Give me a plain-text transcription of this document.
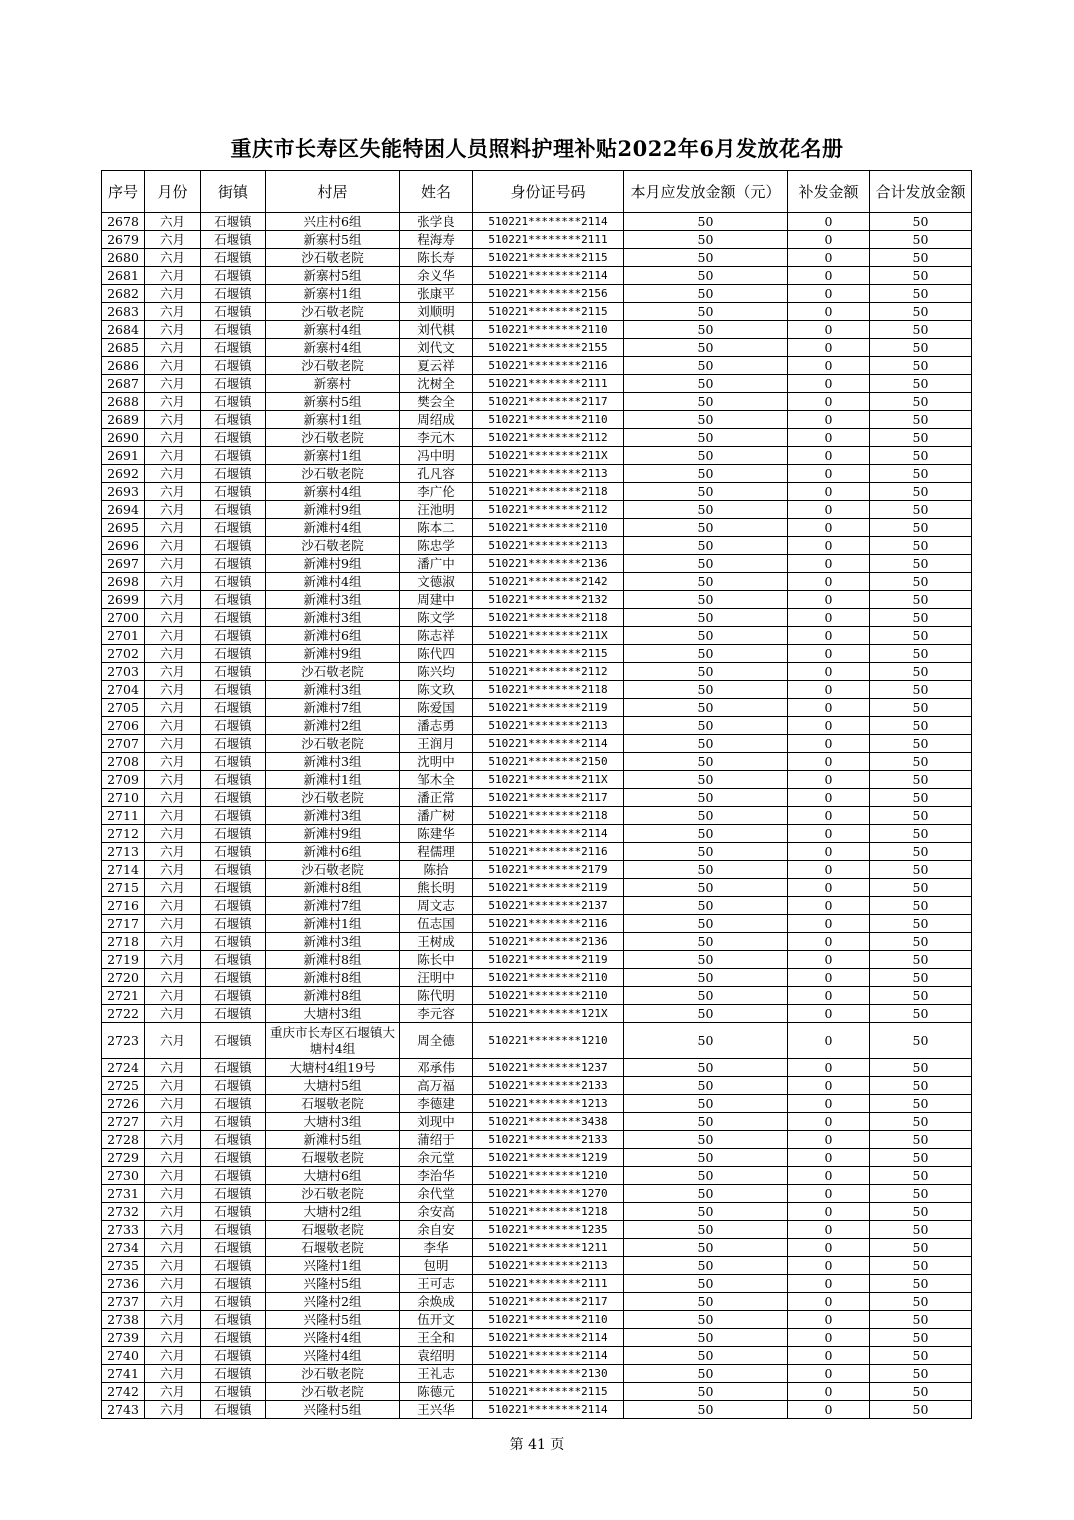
重庆市长寿区失能特困人员照料护理补贴2022年6月发放花名册
序号	月份	街镇	村居	姓名	身份证号码	本月应发放金额（元）	补发金额	合计发放金额
2678	六月	石堰镇	兴庄村6组	张学良	510221********2114	50	0	50
2679	六月	石堰镇	新寨村5组	程海寿	510221********2111	50	0	50
2680	六月	石堰镇	沙石敬老院	陈长寿	510221********2115	50	0	50
2681	六月	石堰镇	新寨村5组	余义华	510221********2114	50	0	50
2682	六月	石堰镇	新寨村1组	张康平	510221********2156	50	0	50
2683	六月	石堰镇	沙石敬老院	刘顺明	510221********2115	50	0	50
2684	六月	石堰镇	新寨村4组	刘代棋	510221********2110	50	0	50
2685	六月	石堰镇	新寨村4组	刘代文	510221********2155	50	0	50
2686	六月	石堰镇	沙石敬老院	夏云祥	510221********2116	50	0	50
2687	六月	石堰镇	新寨村	沈树全	510221********2111	50	0	50
2688	六月	石堰镇	新寨村5组	樊会全	510221********2117	50	0	50
2689	六月	石堰镇	新寨村1组	周绍成	510221********2110	50	0	50
2690	六月	石堰镇	沙石敬老院	李元木	510221********2112	50	0	50
2691	六月	石堰镇	新寨村1组	冯中明	510221********211X	50	0	50
2692	六月	石堰镇	沙石敬老院	孔凡容	510221********2113	50	0	50
2693	六月	石堰镇	新寨村4组	李广伦	510221********2118	50	0	50
2694	六月	石堰镇	新滩村9组	汪池明	510221********2112	50	0	50
2695	六月	石堰镇	新滩村4组	陈本二	510221********2110	50	0	50
2696	六月	石堰镇	沙石敬老院	陈忠学	510221********2113	50	0	50
2697	六月	石堰镇	新滩村9组	潘广中	510221********2136	50	0	50
2698	六月	石堰镇	新滩村4组	文德淑	510221********2142	50	0	50
2699	六月	石堰镇	新滩村3组	周建中	510221********2132	50	0	50
2700	六月	石堰镇	新滩村3组	陈文学	510221********2118	50	0	50
2701	六月	石堰镇	新滩村6组	陈志祥	510221********211X	50	0	50
2702	六月	石堰镇	新滩村9组	陈代四	510221********2115	50	0	50
2703	六月	石堰镇	沙石敬老院	陈兴均	510221********2112	50	0	50
2704	六月	石堰镇	新滩村3组	陈文玖	510221********2118	50	0	50
2705	六月	石堰镇	新滩村7组	陈爱国	510221********2119	50	0	50
2706	六月	石堰镇	新滩村2组	潘志勇	510221********2113	50	0	50
2707	六月	石堰镇	沙石敬老院	王润月	510221********2114	50	0	50
2708	六月	石堰镇	新滩村3组	沈明中	510221********2150	50	0	50
2709	六月	石堰镇	新滩村1组	邹木全	510221********211X	50	0	50
2710	六月	石堰镇	沙石敬老院	潘正常	510221********2117	50	0	50
2711	六月	石堰镇	新滩村3组	潘广树	510221********2118	50	0	50
2712	六月	石堰镇	新滩村9组	陈建华	510221********2114	50	0	50
2713	六月	石堰镇	新滩村6组	程儒理	510221********2116	50	0	50
2714	六月	石堰镇	沙石敬老院	陈拾	510221********2179	50	0	50
2715	六月	石堰镇	新滩村8组	熊长明	510221********2119	50	0	50
2716	六月	石堰镇	新滩村7组	周文志	510221********2137	50	0	50
2717	六月	石堰镇	新滩村1组	伍志国	510221********2116	50	0	50
2718	六月	石堰镇	新滩村3组	王树成	510221********2136	50	0	50
2719	六月	石堰镇	新滩村8组	陈长中	510221********2119	50	0	50
2720	六月	石堰镇	新滩村8组	汪明中	510221********2110	50	0	50
2721	六月	石堰镇	新滩村8组	陈代明	510221********2110	50	0	50
2722	六月	石堰镇	大塘村3组	李元容	510221********121X	50	0	50
2723	六月	石堰镇	重庆市长寿区石堰镇大塘村4组	周全德	510221********1210	50	0	50
2724	六月	石堰镇	大塘村4组19号	邓承伟	510221********1237	50	0	50
2725	六月	石堰镇	大塘村5组	高万福	510221********2133	50	0	50
2726	六月	石堰镇	石堰敬老院	李德建	510221********1213	50	0	50
2727	六月	石堰镇	大塘村3组	刘现中	510221********3438	50	0	50
2728	六月	石堰镇	新滩村5组	蒲绍于	510221********2133	50	0	50
2729	六月	石堰镇	石堰敬老院	余元堂	510221********1219	50	0	50
2730	六月	石堰镇	大塘村6组	李治华	510221********1210	50	0	50
2731	六月	石堰镇	沙石敬老院	余代堂	510221********1270	50	0	50
2732	六月	石堰镇	大塘村2组	余安高	510221********1218	50	0	50
2733	六月	石堰镇	石堰敬老院	余自安	510221********1235	50	0	50
2734	六月	石堰镇	石堰敬老院	李华	510221********1211	50	0	50
2735	六月	石堰镇	兴隆村1组	包明	510221********2113	50	0	50
2736	六月	石堰镇	兴隆村5组	王可志	510221********2111	50	0	50
2737	六月	石堰镇	兴隆村2组	余焕成	510221********2117	50	0	50
2738	六月	石堰镇	兴隆村5组	伍开文	510221********2110	50	0	50
2739	六月	石堰镇	兴隆村4组	王全和	510221********2114	50	0	50
2740	六月	石堰镇	兴隆村4组	袁绍明	510221********2114	50	0	50
2741	六月	石堰镇	沙石敬老院	王礼志	510221********2130	50	0	50
2742	六月	石堰镇	沙石敬老院	陈德元	510221********2115	50	0	50
2743	六月	石堰镇	兴隆村5组	王兴华	510221********2114	50	0	50
第 41 页
